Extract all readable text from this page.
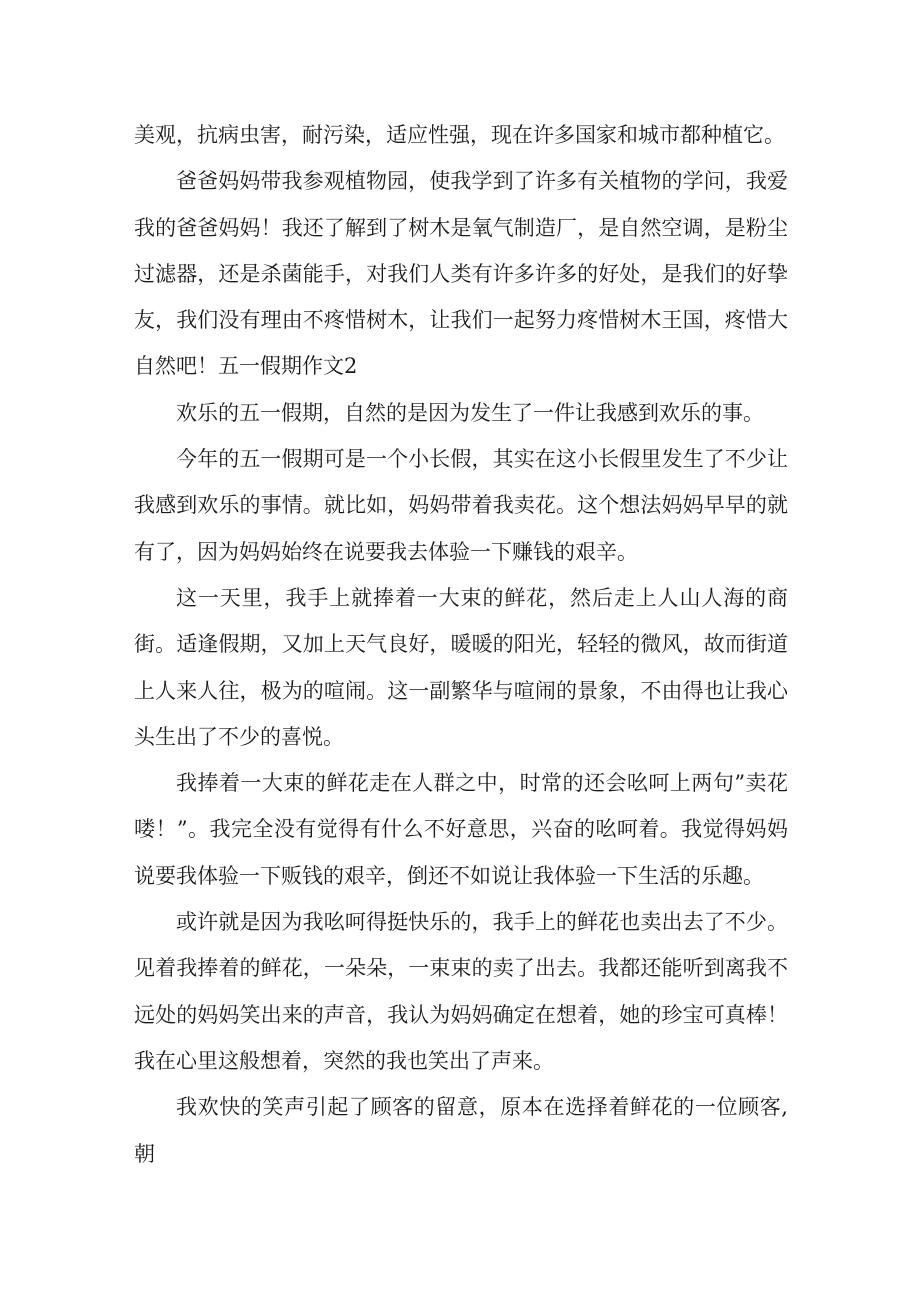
美观，抗病虫害，耐污染，适应性强，现在许多国家和城市都种植它。

爸爸妈妈带我参观植物园，使我学到了许多有关植物的学问，我爱我的爸爸妈妈！我还了解到了树木是氧气制造厂，是自然空调，是粉尘过滤器，还是杀菌能手，对我们人类有许多许多的好处，是我们的好挚友，我们没有理由不疼惜树木，让我们一起努力疼惜树木王国，疼惜大自然吧！五一假期作文2

欢乐的五一假期，自然的是因为发生了一件让我感到欢乐的事。

今年的五一假期可是一个小长假，其实在这小长假里发生了不少让我感到欢乐的事情。就比如，妈妈带着我卖花。这个想法妈妈早早的就有了，因为妈妈始终在说要我去体验一下赚钱的艰辛。

这一天里，我手上就捧着一大束的鲜花，然后走上人山人海的商街。适逢假期，又加上天气良好，暖暖的阳光，轻轻的微风，故而街道上人来人往，极为的喧闹。这一副繁华与喧闹的景象，不由得也让我心头生出了不少的喜悦。

我捧着一大束的鲜花走在人群之中，时常的还会吆呵上两句”卖花喽！”。我完全没有觉得有什么不好意思，兴奋的吆呵着。我觉得妈妈说要我体验一下贩钱的艰辛，倒还不如说让我体验一下生活的乐趣。

或许就是因为我吆呵得挺快乐的，我手上的鲜花也卖出去了不少。见着我捧着的鲜花，一朵朵，一束束的卖了出去。我都还能听到离我不远处的妈妈笑出来的声音，我认为妈妈确定在想着，她的珍宝可真棒！我在心里这般想着，突然的我也笑出了声来。

我欢快的笑声引起了顾客的留意，原本在选择着鲜花的一位顾客,朝
